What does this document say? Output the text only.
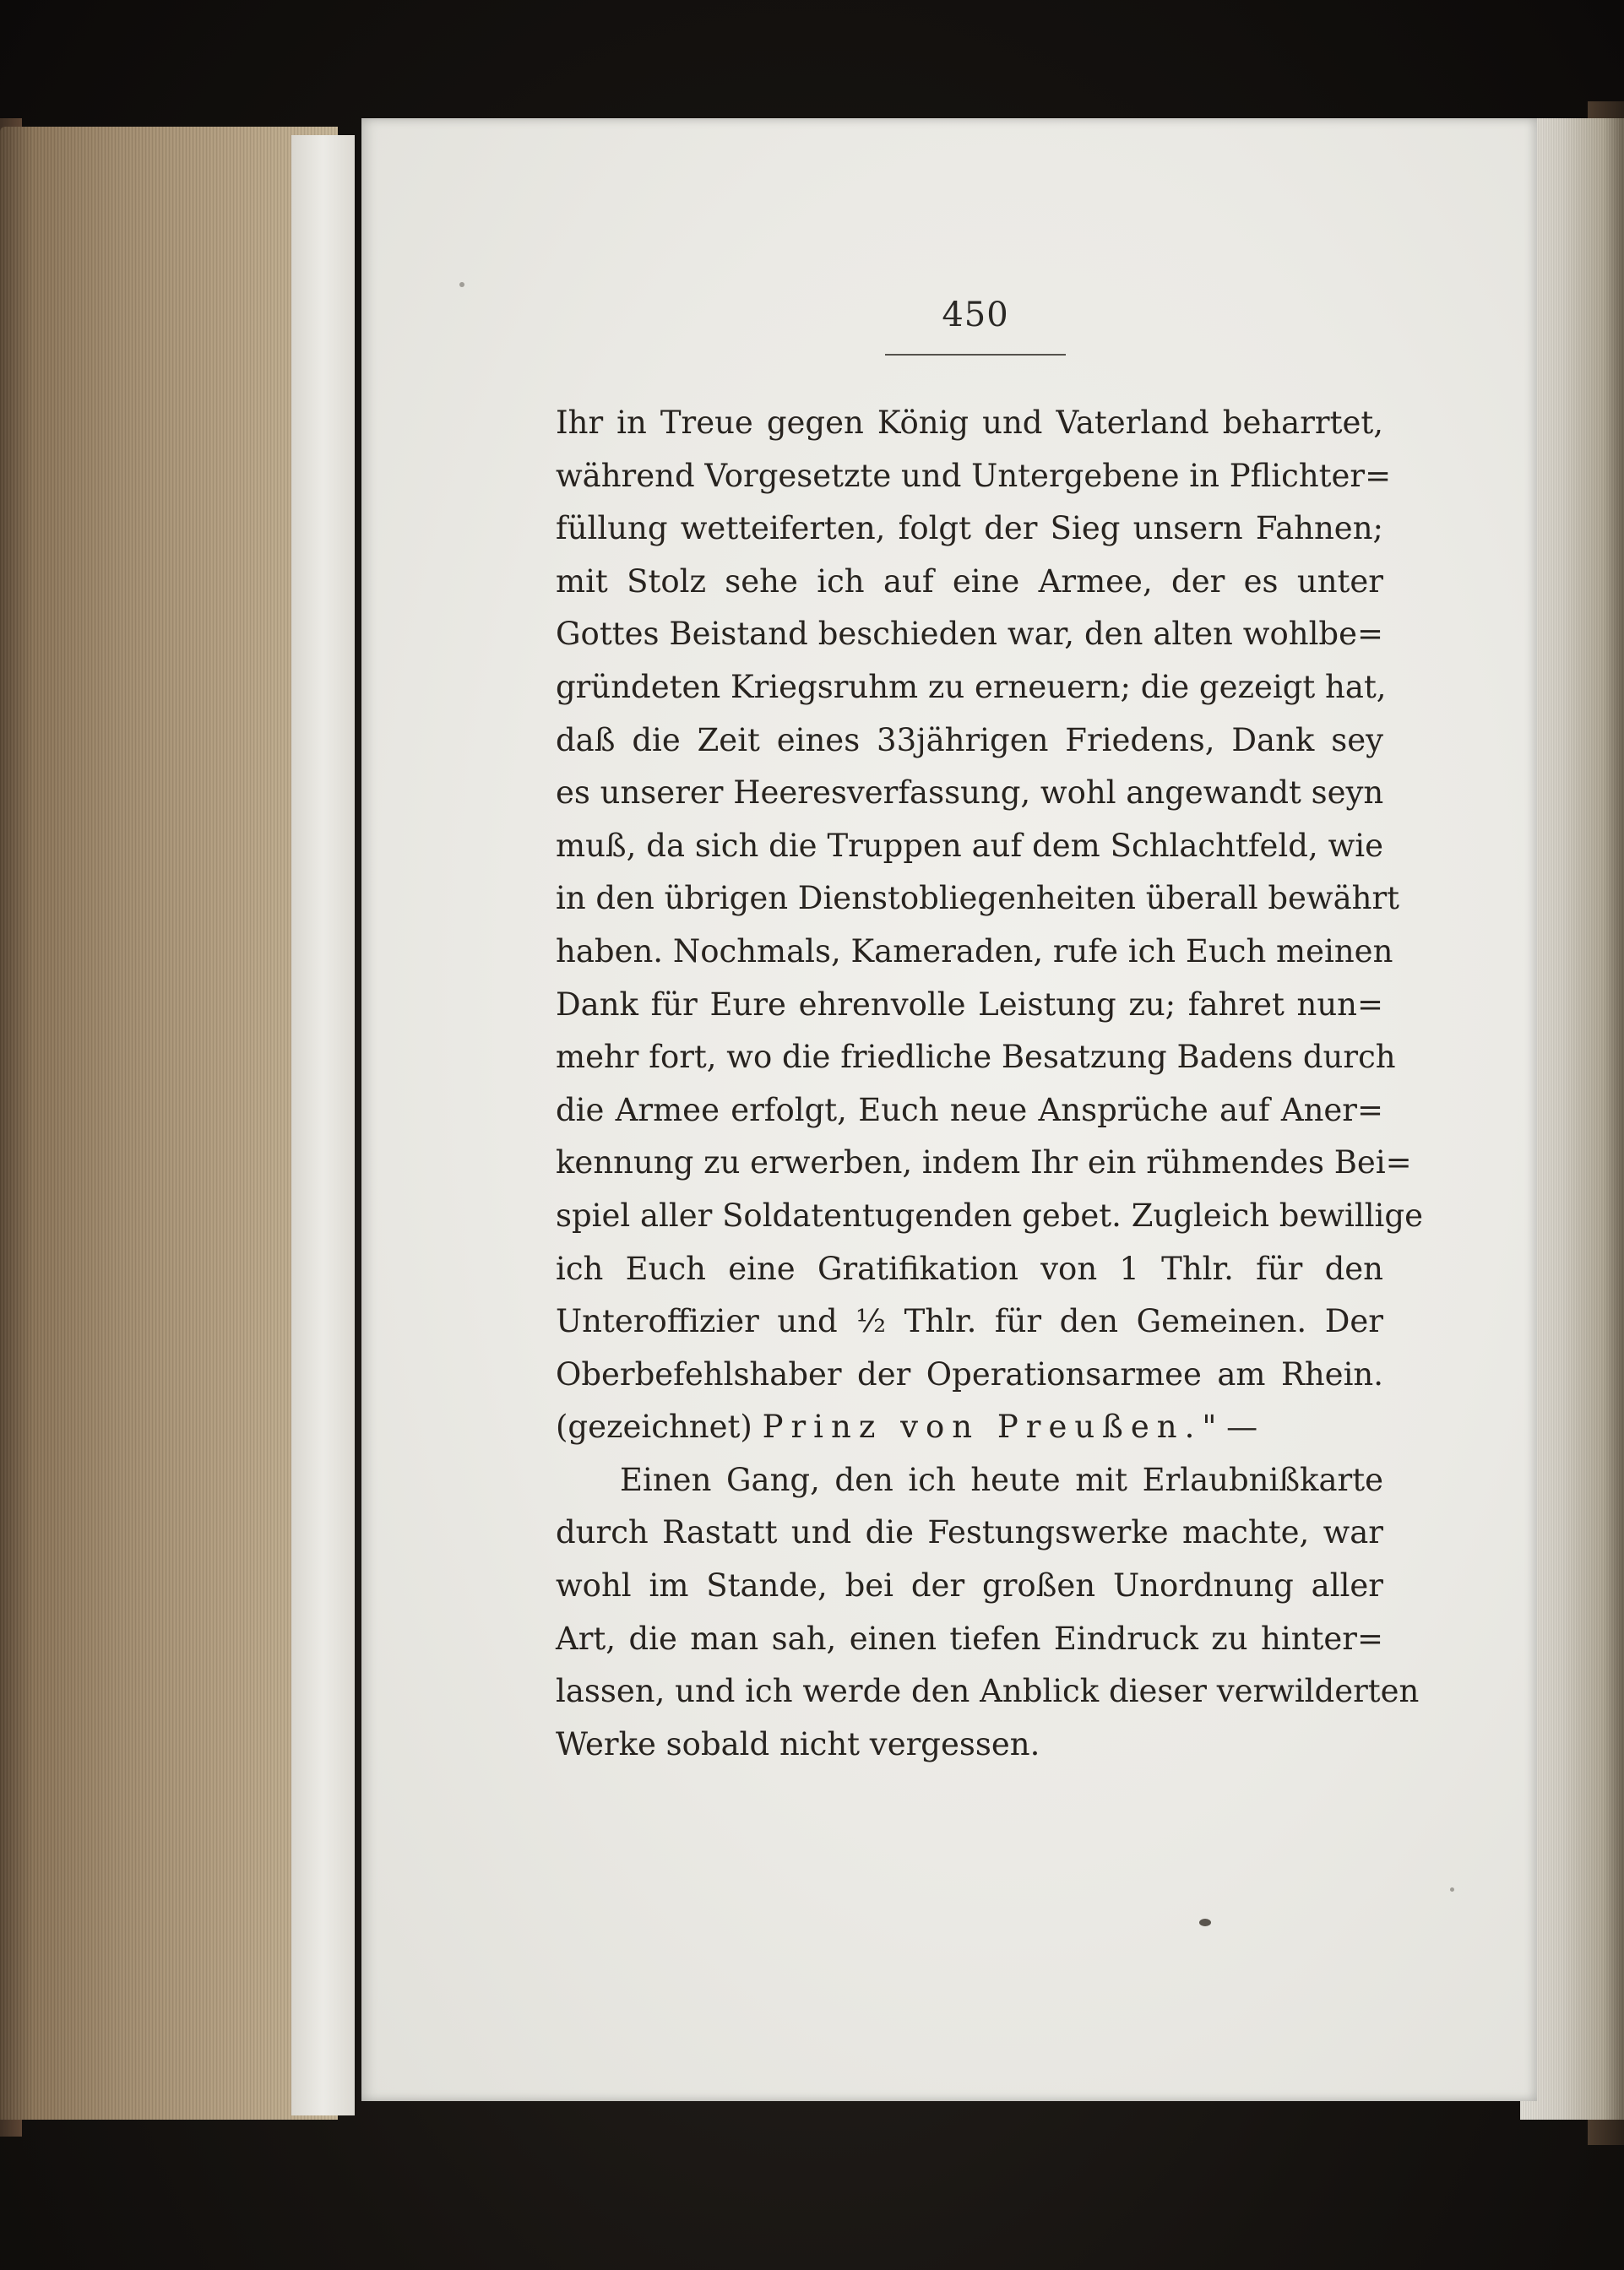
450
Ihr in Treue gegen König und Vaterland beharrtet,
während Vorgesetzte und Untergebene in Pflichter=
füllung wetteiferten, folgt der Sieg unsern Fahnen;
mit Stolz sehe ich auf eine Armee, der es unter
Gottes Beistand beschieden war, den alten wohlbe=
gründeten Kriegsruhm zu erneuern; die gezeigt hat,
daß die Zeit eines 33jährigen Friedens, Dank sey
es unserer Heeresverfassung, wohl angewandt seyn
muß, da sich die Truppen auf dem Schlachtfeld, wie
in den übrigen Dienstobliegenheiten überall bewährt
haben. Nochmals, Kameraden, rufe ich Euch meinen
Dank für Eure ehrenvolle Leistung zu; fahret nun=
mehr fort, wo die friedliche Besatzung Badens durch
die Armee erfolgt, Euch neue Ansprüche auf Aner=
kennung zu erwerben, indem Ihr ein rühmendes Bei=
spiel aller Soldatentugenden gebet. Zugleich bewillige
ich Euch eine Gratifikation von 1 Thlr. für den
Unteroffizier und ½ Thlr. für den Gemeinen. Der
Oberbefehlshaber der Operationsarmee am Rhein.
(gezeichnet) Prinz von Preußen." —
Einen Gang, den ich heute mit Erlaubnißkarte
durch Rastatt und die Festungswerke machte, war
wohl im Stande, bei der großen Unordnung aller
Art, die man sah, einen tiefen Eindruck zu hinter=
lassen, und ich werde den Anblick dieser verwilderten
Werke sobald nicht vergessen.
